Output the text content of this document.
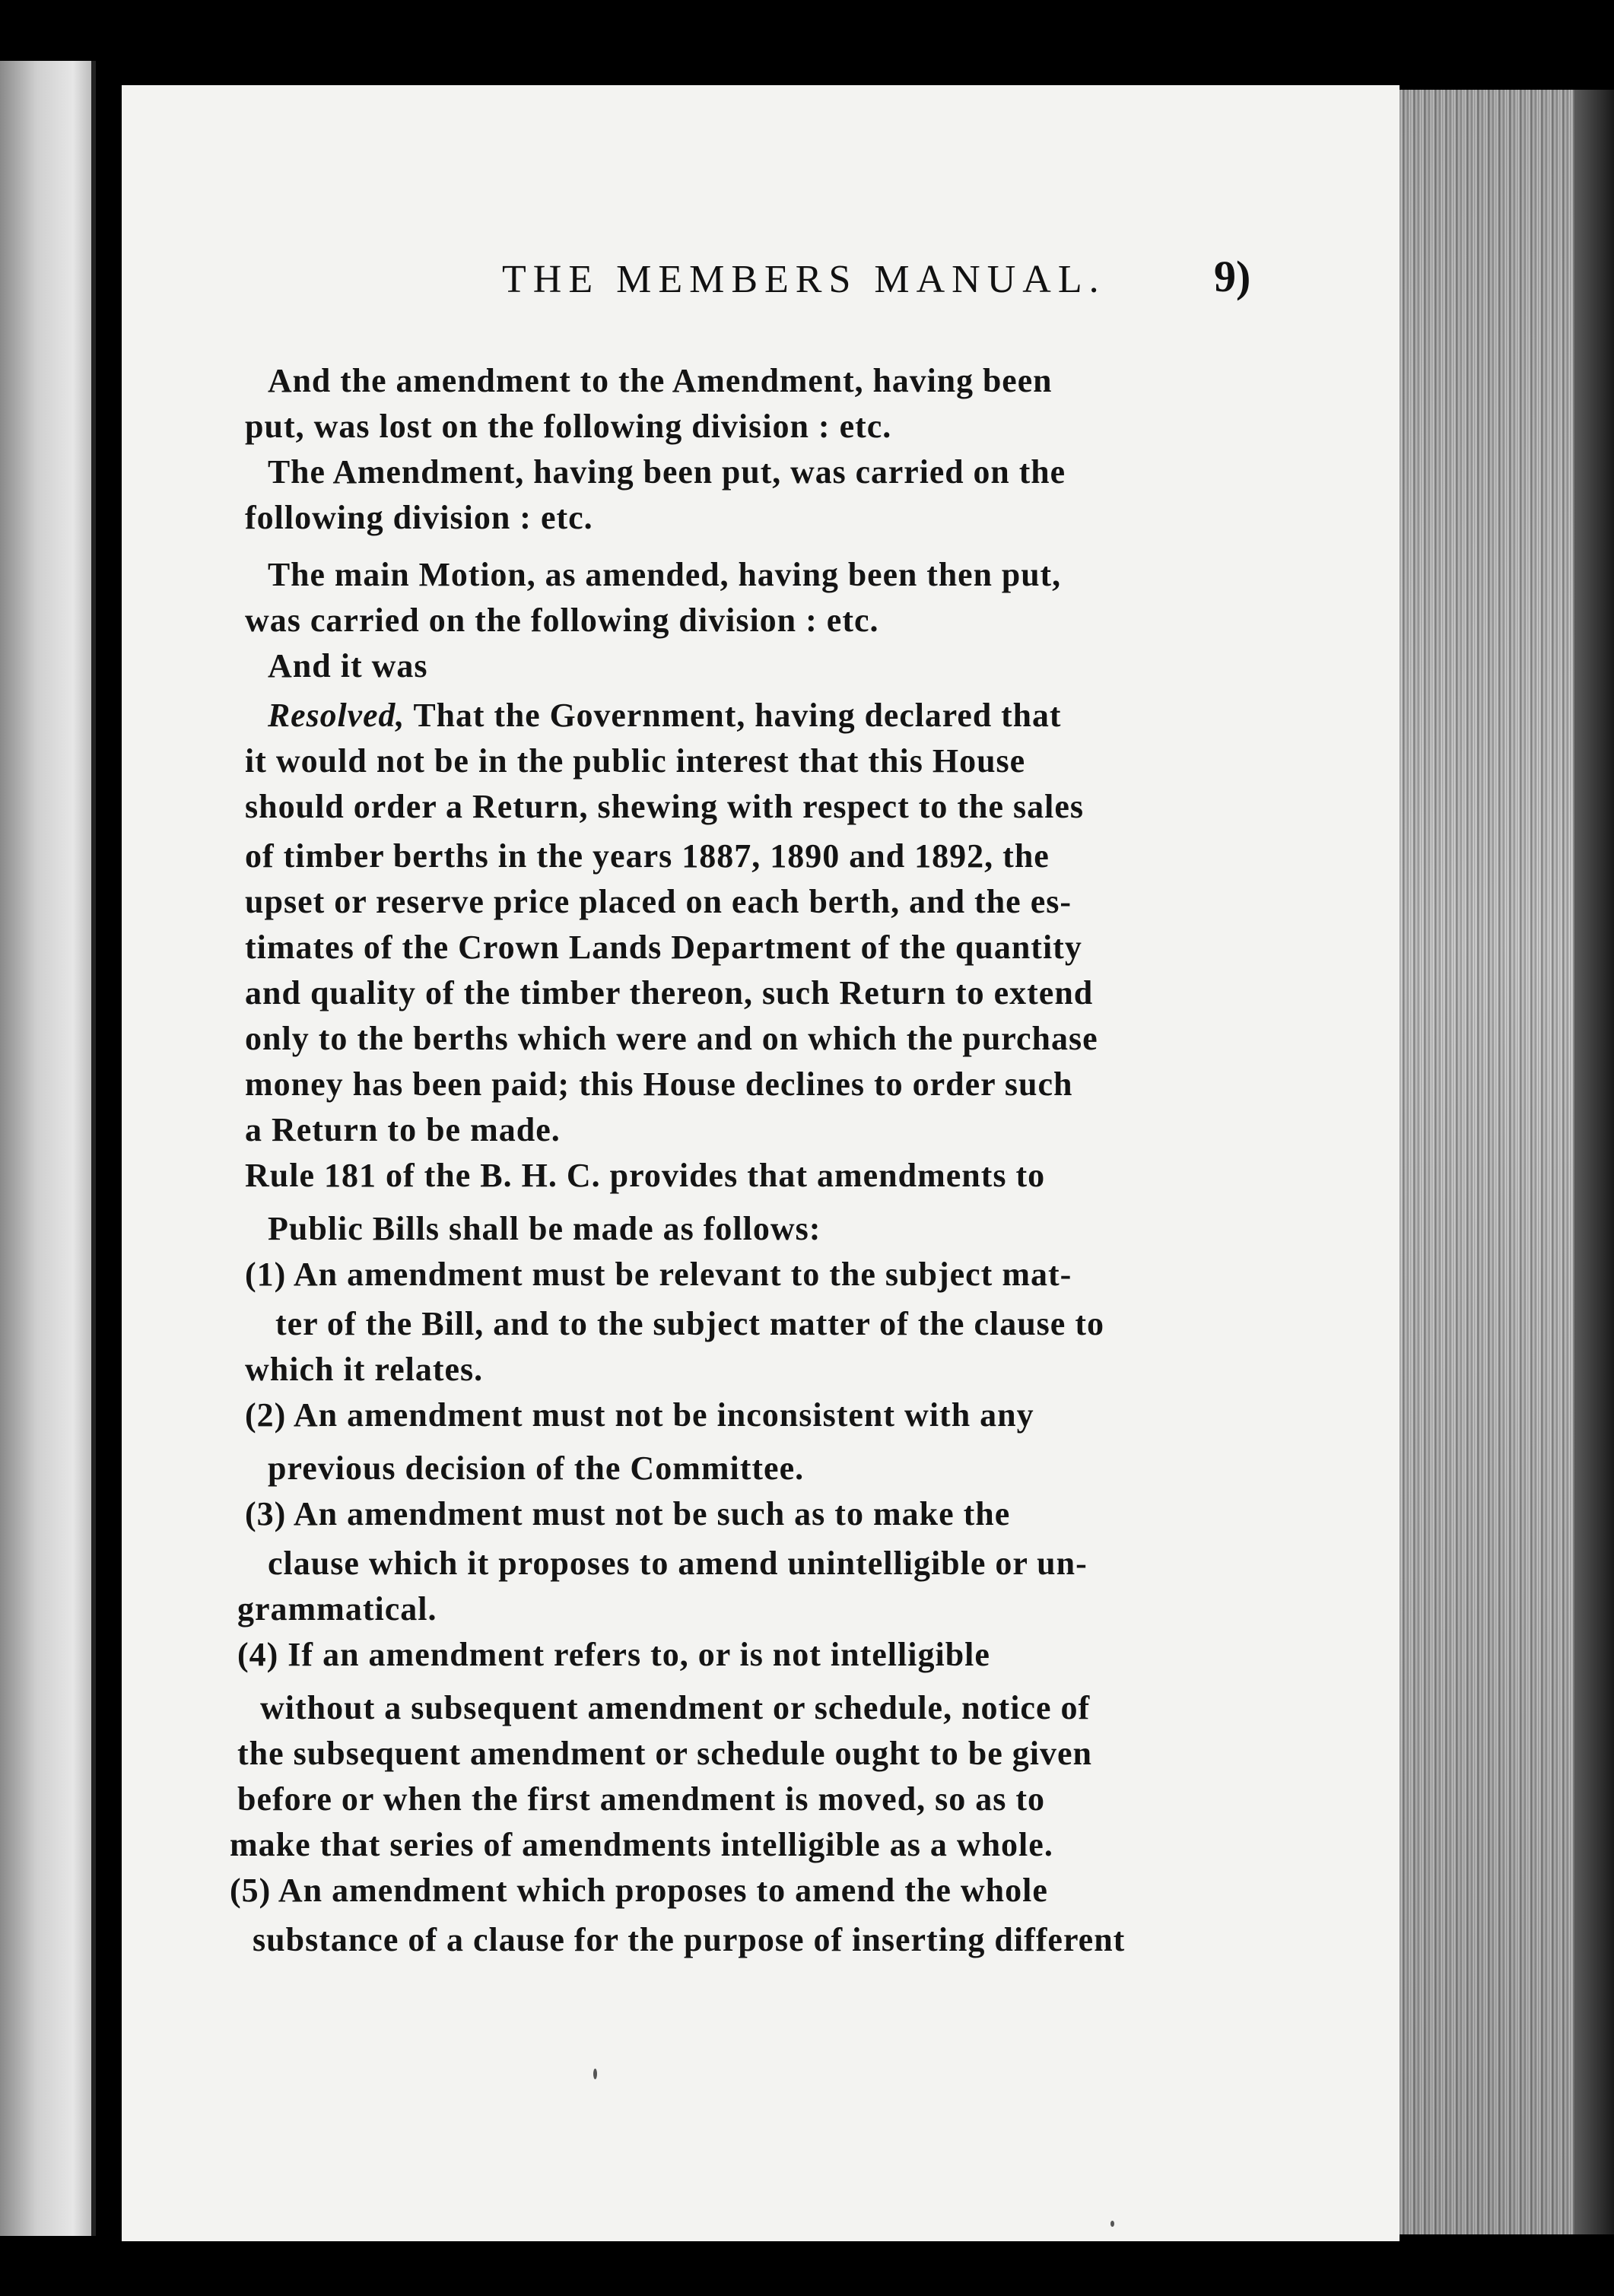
THE MEMBERS MANUAL. 9)
And the amendment to the Amendment, having been
put, was lost on the following division : etc.
The Amendment, having been put, was carried on the
following division : etc.
The main Motion, as amended, having been then put,
was carried on the following division : etc.
And it was
Resolved, That the Government, having declared that
it would not be in the public interest that this House
should order a Return, shewing with respect to the sales
of timber berths in the years 1887, 1890 and 1892, the
upset or reserve price placed on each berth, and the es-
timates of the Crown Lands Department of the quantity
and quality of the timber thereon, such Return to extend
only to the berths which were and on which the purchase
money has been paid; this House declines to order such
a Return to be made.
Rule 181 of the B. H. C. provides that amendments to
Public Bills shall be made as follows:
(1) An amendment must be relevant to the subject mat-
ter of the Bill, and to the subject matter of the clause to
which it relates.
(2) An amendment must not be inconsistent with any
previous decision of the Committee.
(3) An amendment must not be such as to make the
clause which it proposes to amend unintelligible or un-
grammatical.
(4) If an amendment refers to, or is not intelligible
without a subsequent amendment or schedule, notice of
the subsequent amendment or schedule ought to be given
before or when the first amendment is moved, so as to
make that series of amendments intelligible as a whole.
(5) An amendment which proposes to amend the whole
substance of a clause for the purpose of inserting different
